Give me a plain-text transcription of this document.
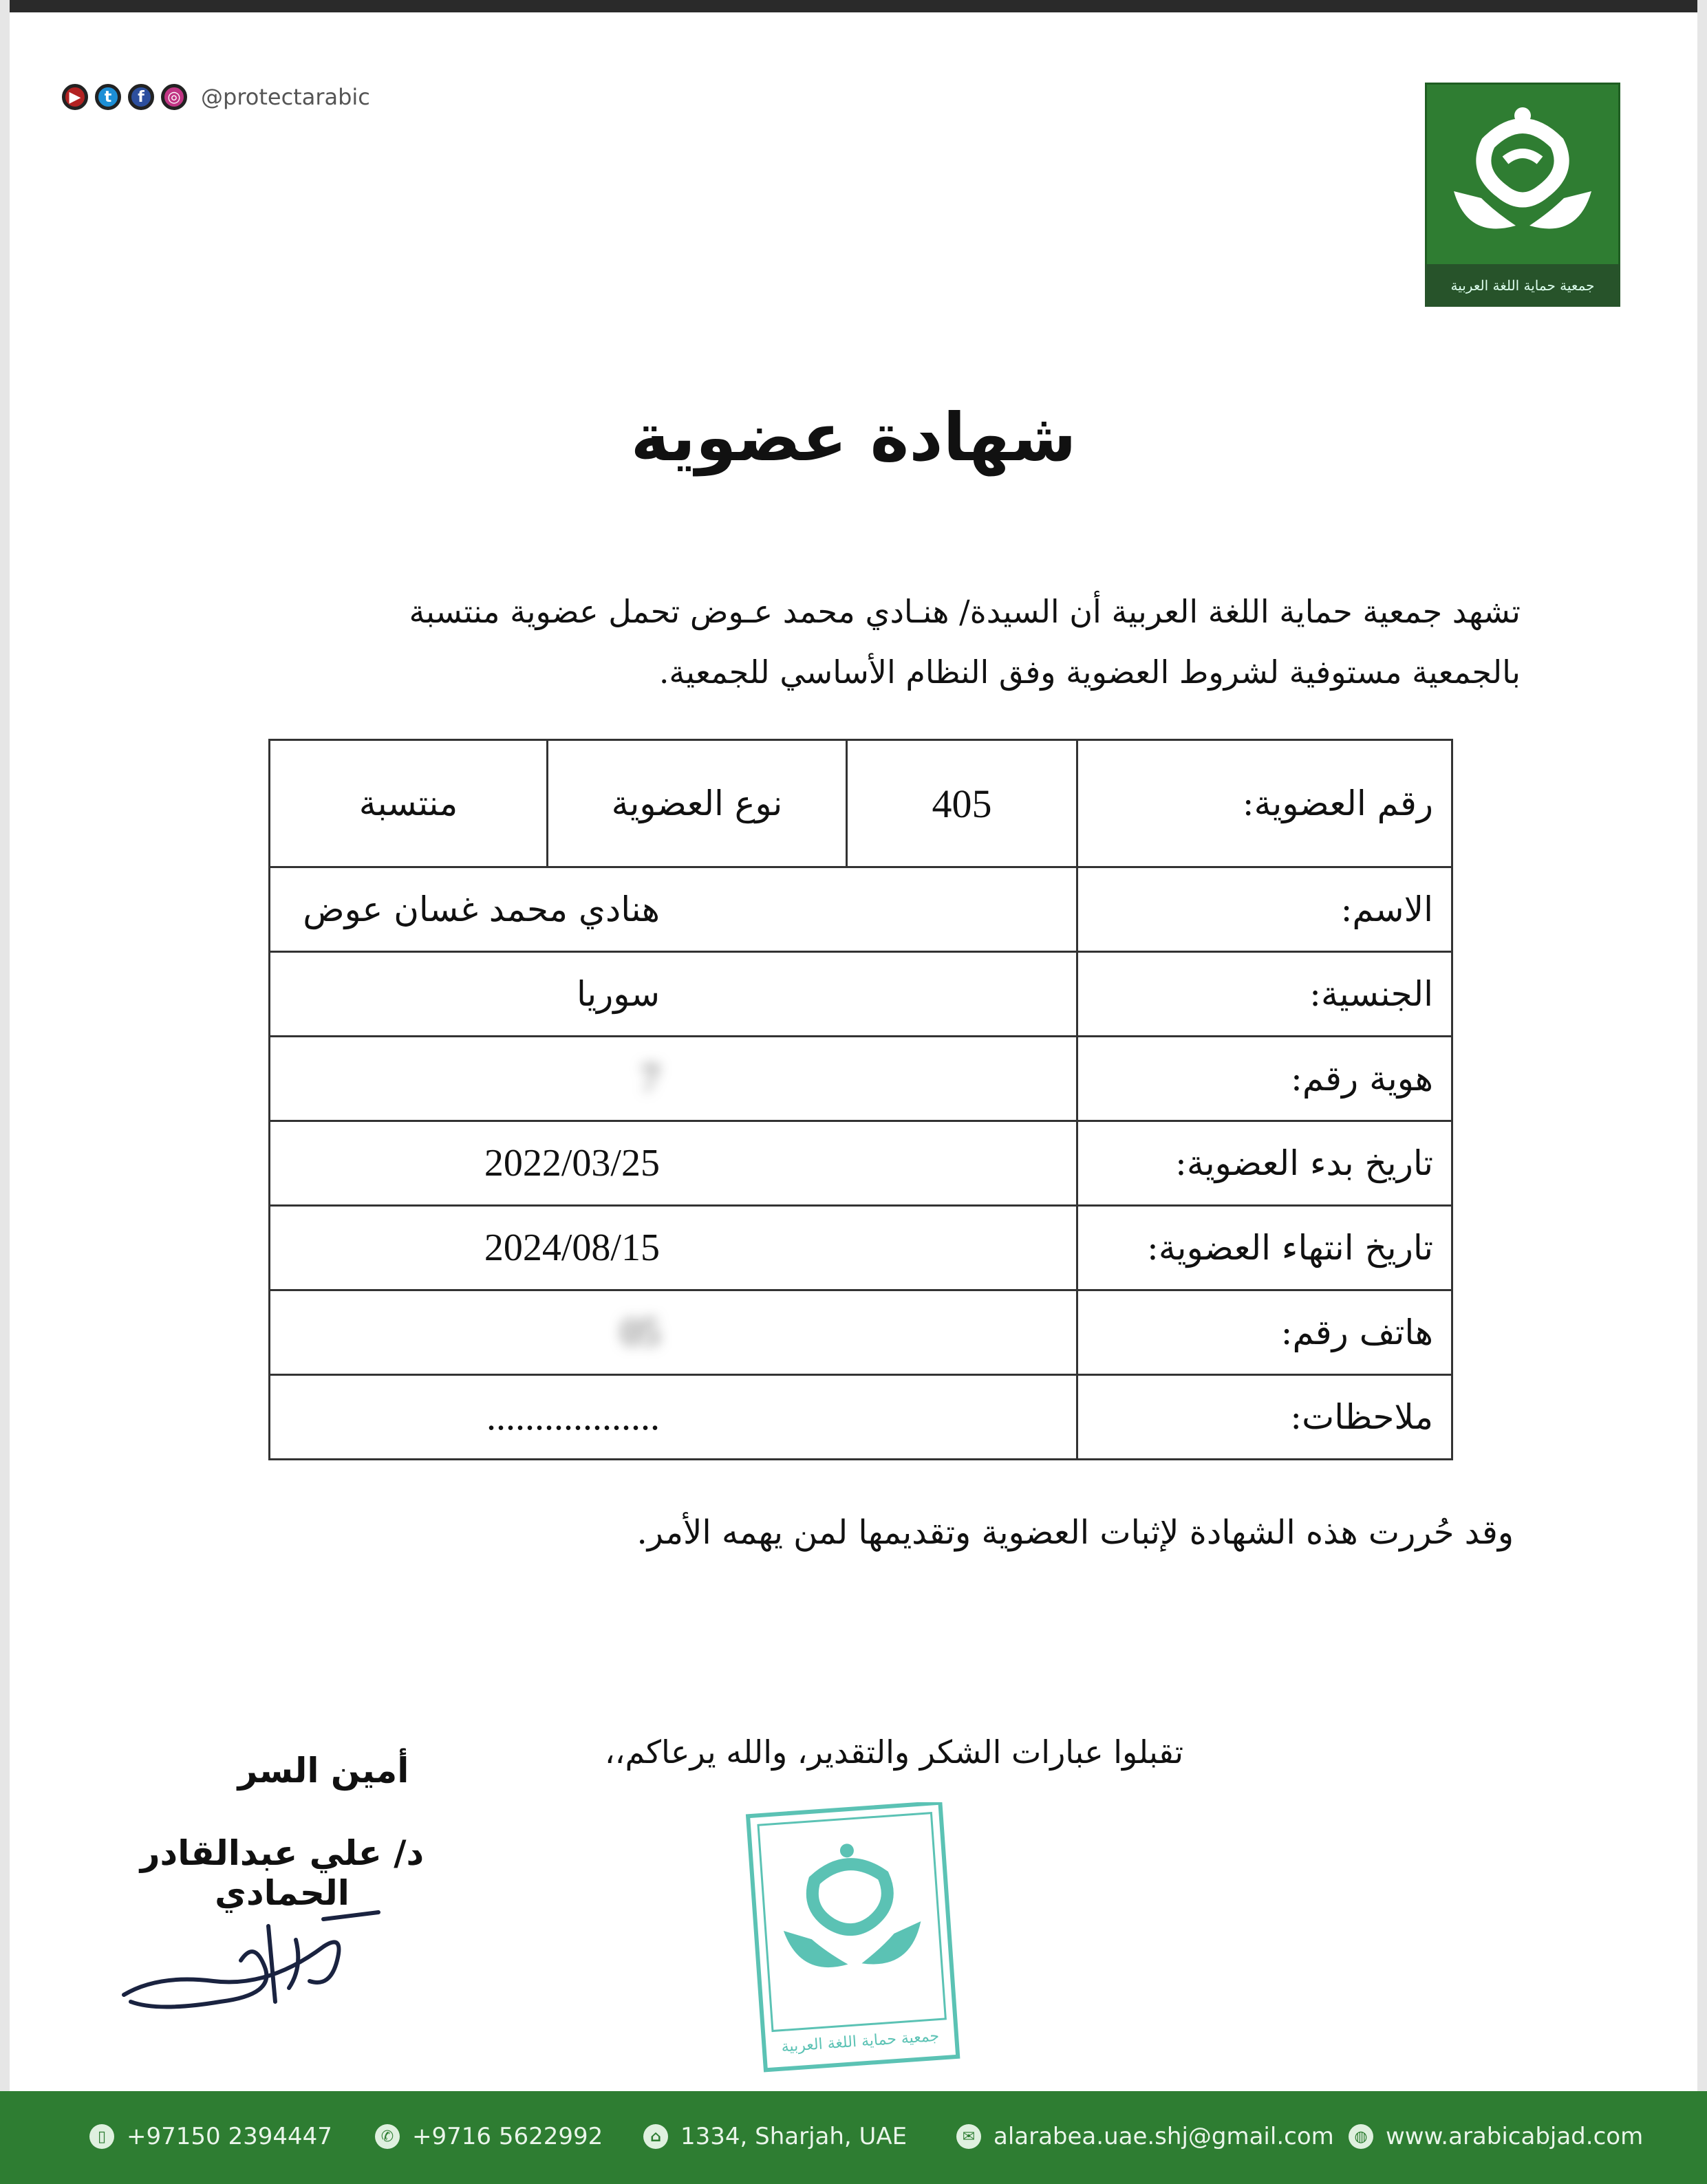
▶	t	f	◎ @protectarabic
جمعية حماية اللغة العربية
شهادة عضوية
تشهد جمعية حماية اللغة العربية أن السيدة/ هنـادي محمد عـوض تحمل عضوية منتسبة
بالجمعية مستوفية لشروط العضوية وفق النظام الأساسي للجمعية.
رقم العضوية:	405	نوع العضوية	منتسبة
الاسم:	هنادي محمد غسان عوض		
الجنسية:	سوريا		
هوية رقم:	7		
تاريخ بدء العضوية:	2022/03/25		
تاريخ انتهاء العضوية:	2024/08/15		
هاتف رقم:	05		
ملاحظات:	..................		
وقد حُررت هذه الشهادة لإثبات العضوية وتقديمها لمن يهمه الأمر.
تقبلوا عبارات الشكر والتقدير، والله يرعاكم،،
أمين السر
د/ علي عبدالقادر الحمادي
جمعية حماية اللغة العربية
▯ +97150 2394447	✆ +9716 5622992	⌂ 1334, Sharjah, UAE	✉ alarabea.uae.shj@gmail.com	◍ www.arabicabjad.com
